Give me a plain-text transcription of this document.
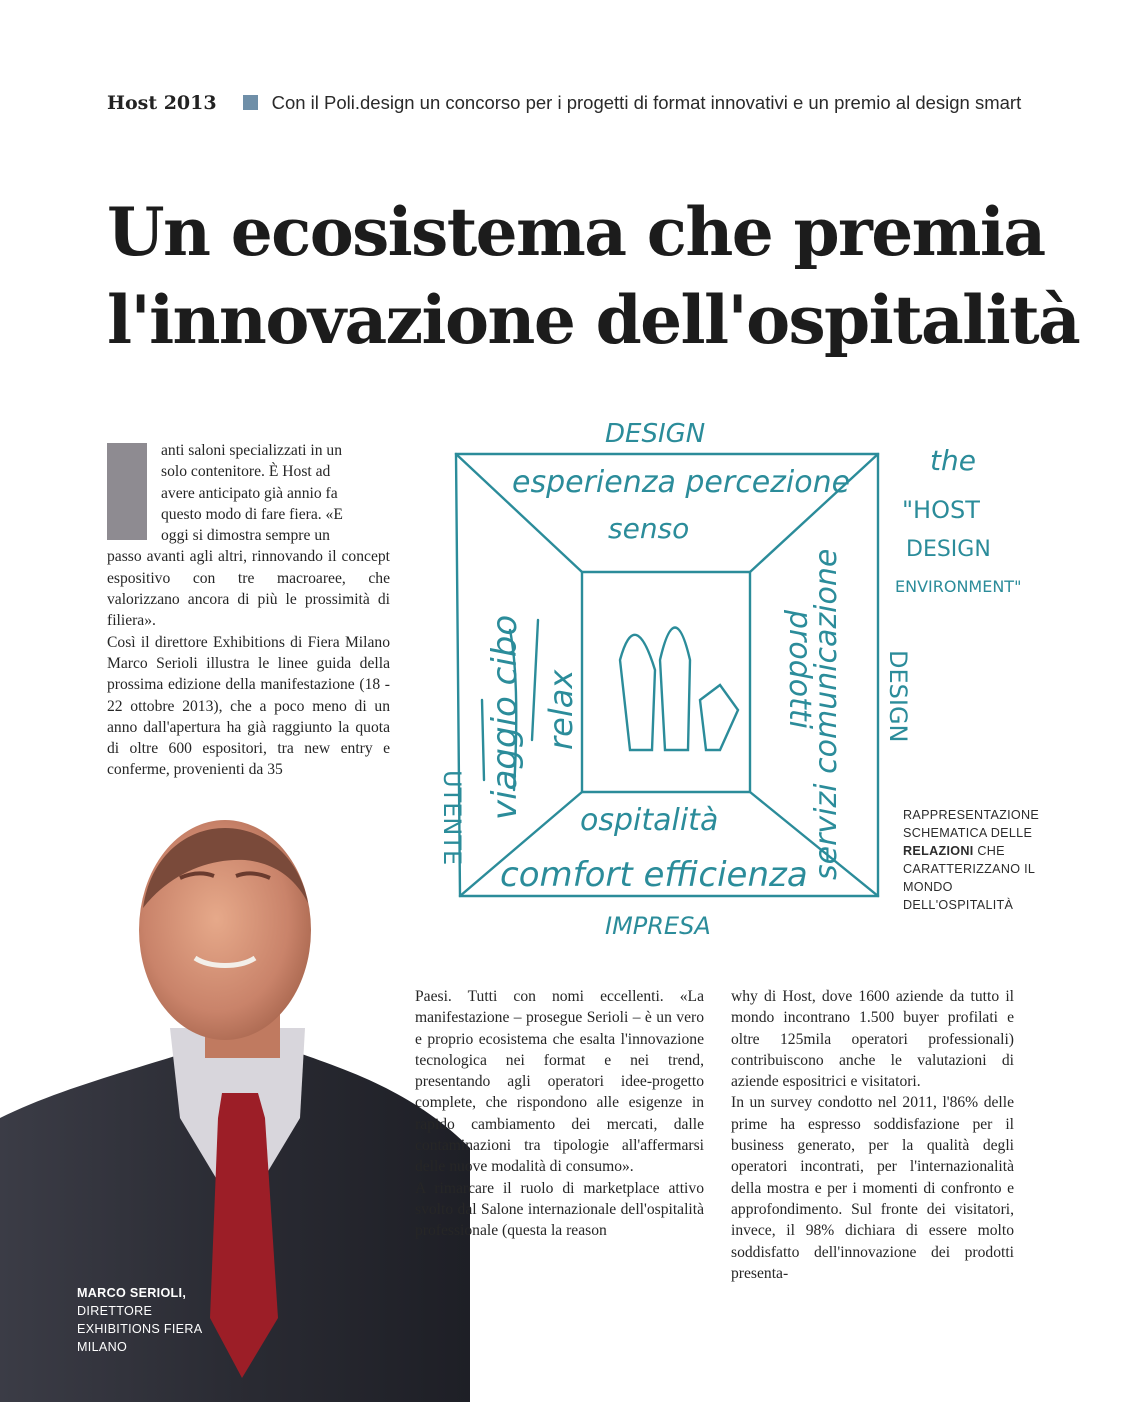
Host 2013	Con il Poli.design un concorso per i progetti di format innovativi e un premio al design smart
Un ecosistema che premia
l'innovazione dell'ospitalità

anti saloni specializzati in un
solo contenitore. È Host ad
avere anticipato già annio fa
questo modo di fare fiera. «E
oggi si dimostra sempre un

passo avanti agli altri, rinnovando il concept espositivo con tre macroaree, che valorizzano ancora di più le prossimità di filiera».

Così il direttore Exhibitions di Fiera Milano Marco Serioli illustra le linee guida della prossima edizione della manifestazione (18 - 22 ottobre 2013), che a poco meno di un anno dall'apertura ha già raggiunto la quota di oltre 600 espositori, tra new entry e conferme, provenienti da 35

MARCO SERIOLI,
DIRETTORE EXHIBITIONS FIERA MILANO
DESIGN
esperienza percezione
senso
UTENTE viaggio cibo relax	prodotti
servizi comunicazione DESIGN
ospitalità
comfort efficienza
IMPRESA
the
"HOST
DESIGN
ENVIRONMENT"
RAPPRESENTAZIONE SCHEMATICA DELLE RELAZIONI CHE CARATTERIZZANO IL MONDO DELL'OSPITALITÀ

Paesi. Tutti con nomi eccellenti. «La manifestazione – prosegue Serioli – è un vero e proprio ecosistema che esalta l'innovazione tecnologica nei format e nei trend, presentando agli operatori idee-progetto complete, che rispondono alle esigenze in rapido cambiamento dei mercati, dalle contaminazioni tra tipologie all'affermarsi delle nuove modalità di consumo».

A rimarcare il ruolo di marketplace attivo svolto dal Salone internazionale dell'ospitalità professionale (questa la reason

why di Host, dove 1600 aziende da tutto il mondo incontrano 1.500 buyer profilati e oltre 125mila operatori professionali) contribuiscono anche le valutazioni di aziende espositrici e visitatori.

In un survey condotto nel 2011, l'86% delle prime ha espresso soddisfazione per il business generato, per la qualità degli operatori incontrati, per l'internazionalità della mostra e per i momenti di confronto e approfondimento. Sul fronte dei visitatori, invece, il 98% dichiara di essere molto soddisfatto dell'innovazione dei prodotti presenta-
